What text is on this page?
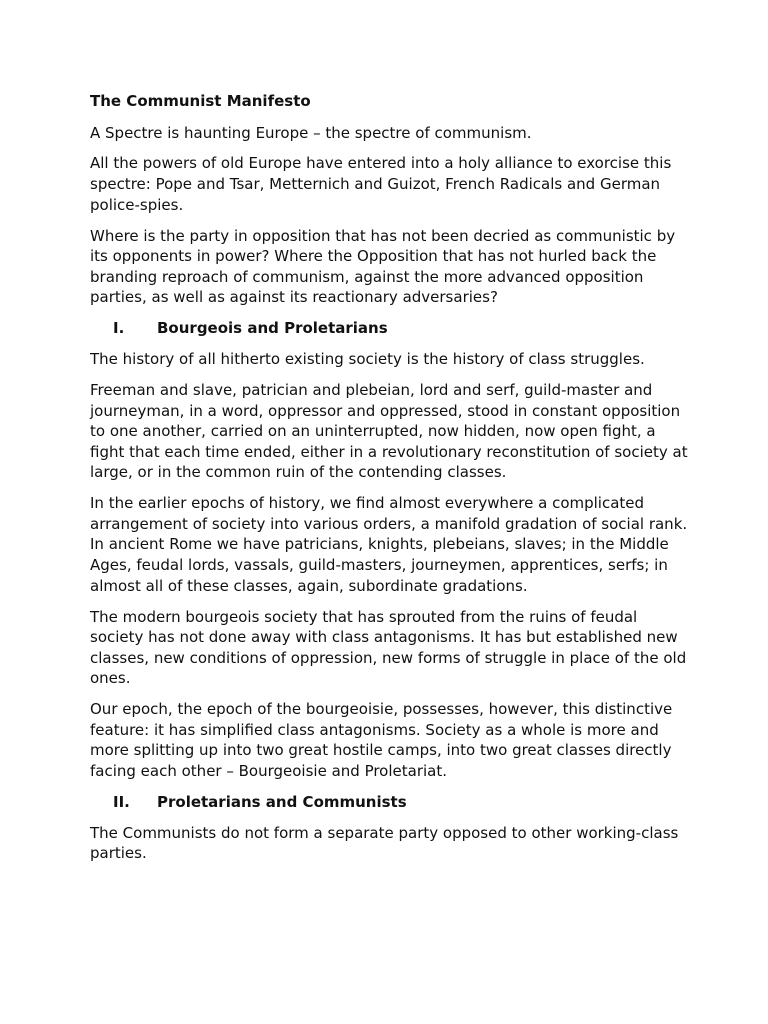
The Communist Manifesto

A Spectre is haunting Europe – the spectre of communism.

All the powers of old Europe have entered into a holy alliance to exorcise this spectre: Pope and Tsar, Metternich and Guizot, French Radicals and German police-spies.

Where is the party in opposition that has not been decried as communistic by its opponents in power? Where the Opposition that has not hurled back the branding reproach of communism, against the more advanced opposition parties, as well as against its reactionary adversaries?

I.	Bourgeois and Proletarians

The history of all hitherto existing society is the history of class struggles.

Freeman and slave, patrician and plebeian, lord and serf, guild-master and journeyman, in a word, oppressor and oppressed, stood in constant opposition to one another, carried on an uninterrupted, now hidden, now open fight, a fight that each time ended, either in a revolutionary reconstitution of society at large, or in the common ruin of the contending classes.

In the earlier epochs of history, we find almost everywhere a complicated arrangement of society into various orders, a manifold gradation of social rank. In ancient Rome we have patricians, knights, plebeians, slaves; in the Middle Ages, feudal lords, vassals, guild-masters, journeymen, apprentices, serfs; in almost all of these classes, again, subordinate gradations.

The modern bourgeois society that has sprouted from the ruins of feudal society has not done away with class antagonisms. It has but established new classes, new conditions of oppression, new forms of struggle in place of the old ones.

Our epoch, the epoch of the bourgeoisie, possesses, however, this distinctive feature: it has simplified class antagonisms. Society as a whole is more and more splitting up into two great hostile camps, into two great classes directly facing each other – Bourgeoisie and Proletariat.

II.	Proletarians and Communists

The Communists do not form a separate party opposed to other working-class parties.
